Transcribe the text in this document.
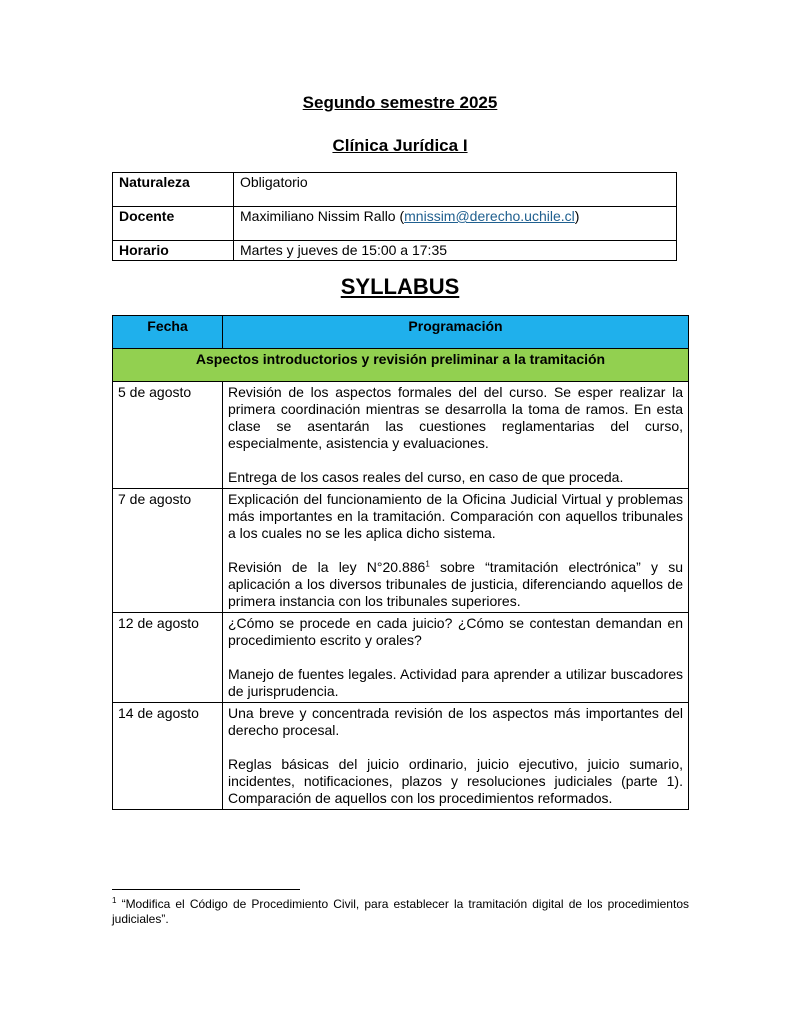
Segundo semestre 2025
Clínica Jurídica I
Naturaleza	Obligatorio
Docente	Maximiliano Nissim Rallo (mnissim@derecho.uchile.cl)
Horario	Martes y jueves de 15:00 a 17:35
SYLLABUS
Fecha	Programación
Aspectos introductorios y revisión preliminar a la tramitación	
5 de agosto	Revisión de los aspectos formales del del curso. Se esper realizar la primera coordinación mientras se desarrolla la toma de ramos. En esta clase se asentarán las cuestiones reglamentarias del curso, especialmente, asistencia y evaluaciones.

Entrega de los casos reales del curso, en caso de que proceda.

7 de agosto	Explicación del funcionamiento de la Oficina Judicial Virtual y problemas más importantes en la tramitación. Comparación con aquellos tribunales a los cuales no se les aplica dicho sistema.

Revisión de la ley N°20.886$^1$ sobre “tramitación electrónica” y su aplicación a los diversos tribunales de justicia, diferenciando aquellos de primera instancia con los tribunales superiores.

12 de agosto	¿Cómo se procede en cada juicio? ¿Cómo se contestan demandan en procedimiento escrito y orales?

Manejo de fuentes legales. Actividad para aprender a utilizar buscadores de jurisprudencia.

14 de agosto	Una breve y concentrada revisión de los aspectos más importantes del derecho procesal.

Reglas básicas del juicio ordinario, juicio ejecutivo, juicio sumario, incidentes, notificaciones, plazos y resoluciones judiciales (parte 1). Comparación de aquellos con los procedimientos reformados.

$^1$ “Modifica el Código de Procedimiento Civil, para establecer la tramitación digital de los procedimientos judiciales”.
